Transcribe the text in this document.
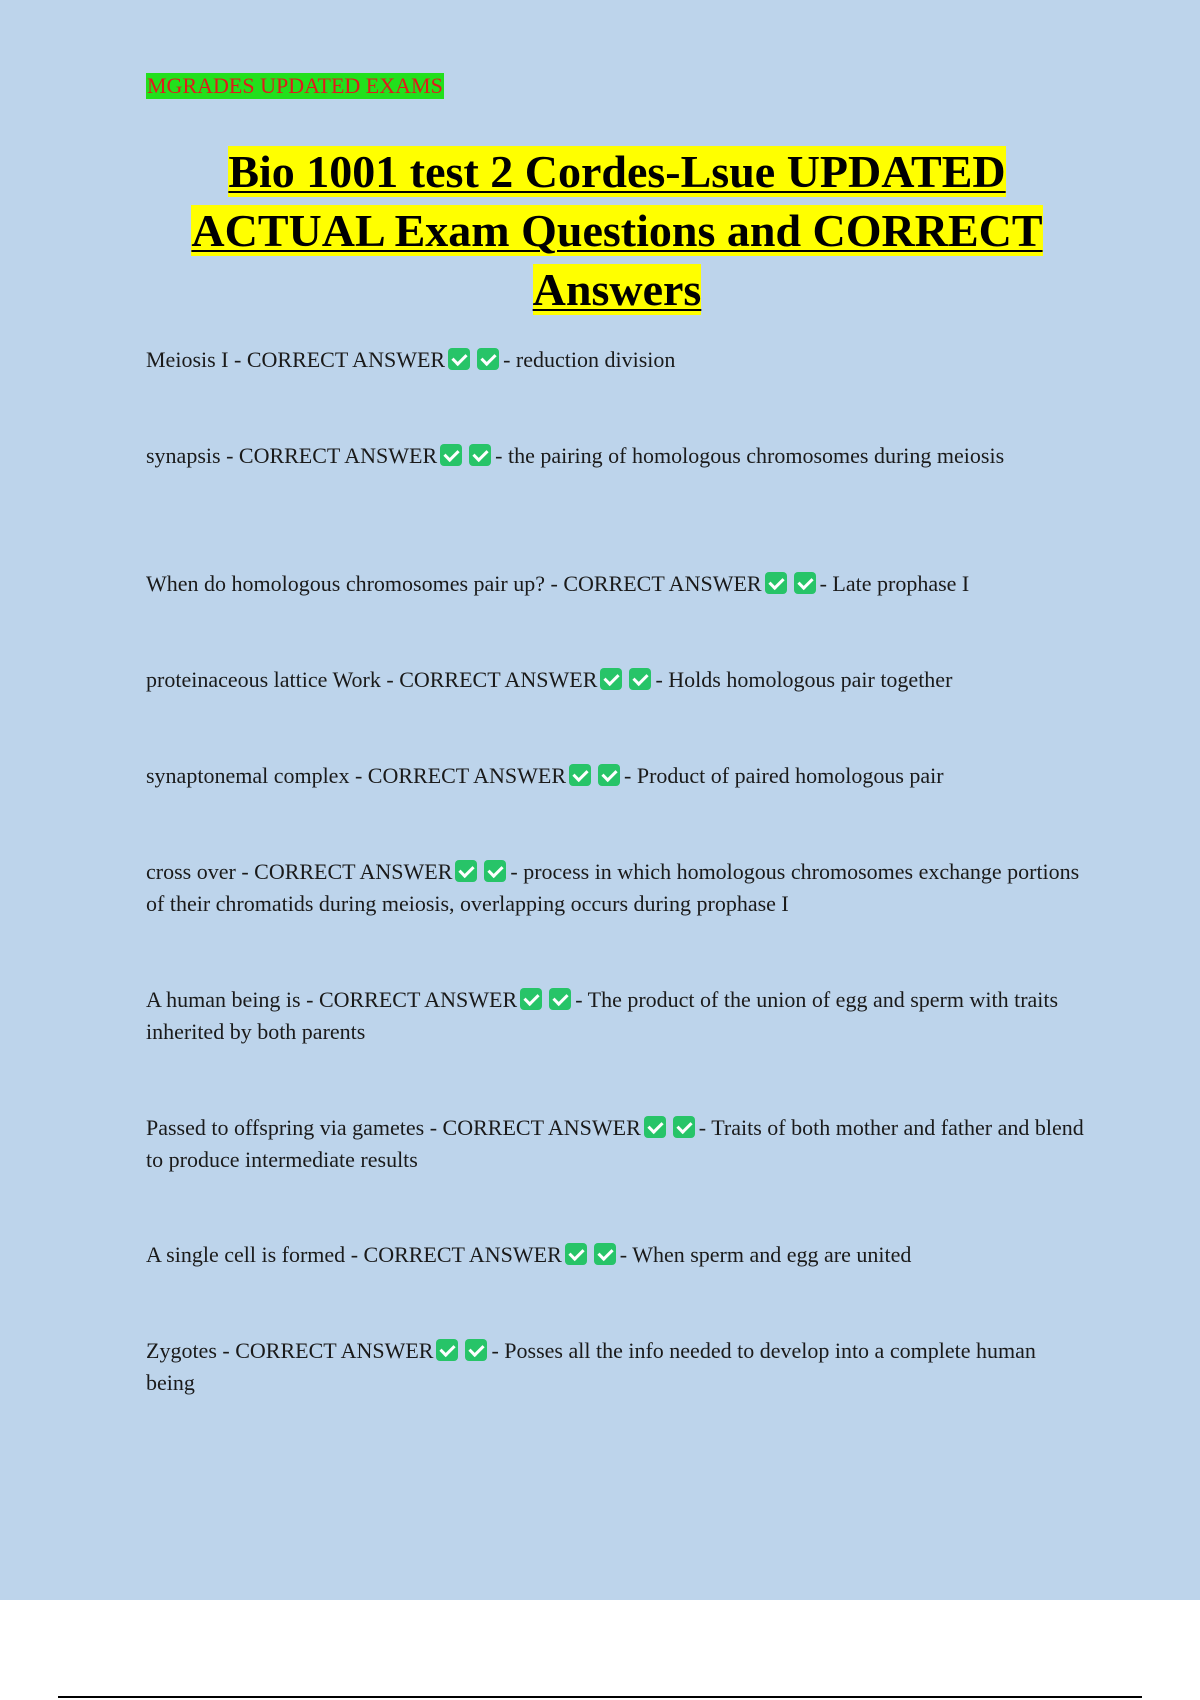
MGRADES UPDATED EXAMS
Bio 1001 test 2 Cordes-Lsue UPDATED ACTUAL Exam Questions and CORRECT Answers
Meiosis I - CORRECT ANSWER	- reduction division
synapsis - CORRECT ANSWER	- the pairing of homologous chromosomes during meiosis
When do homologous chromosomes pair up? - CORRECT ANSWER	- Late prophase I
proteinaceous lattice Work - CORRECT ANSWER	- Holds homologous pair together
synaptonemal complex - CORRECT ANSWER	- Product of paired homologous pair
cross over - CORRECT ANSWER	- process in which homologous chromosomes exchange portions of their chromatids during meiosis, overlapping occurs during prophase I
A human being is - CORRECT ANSWER	- The product of the union of egg and sperm with traits inherited by both parents
Passed to offspring via gametes - CORRECT ANSWER	- Traits of both mother and father and blend to produce intermediate results
A single cell is formed - CORRECT ANSWER	- When sperm and egg are united
Zygotes - CORRECT ANSWER	- Posses all the info needed to develop into a complete human being
